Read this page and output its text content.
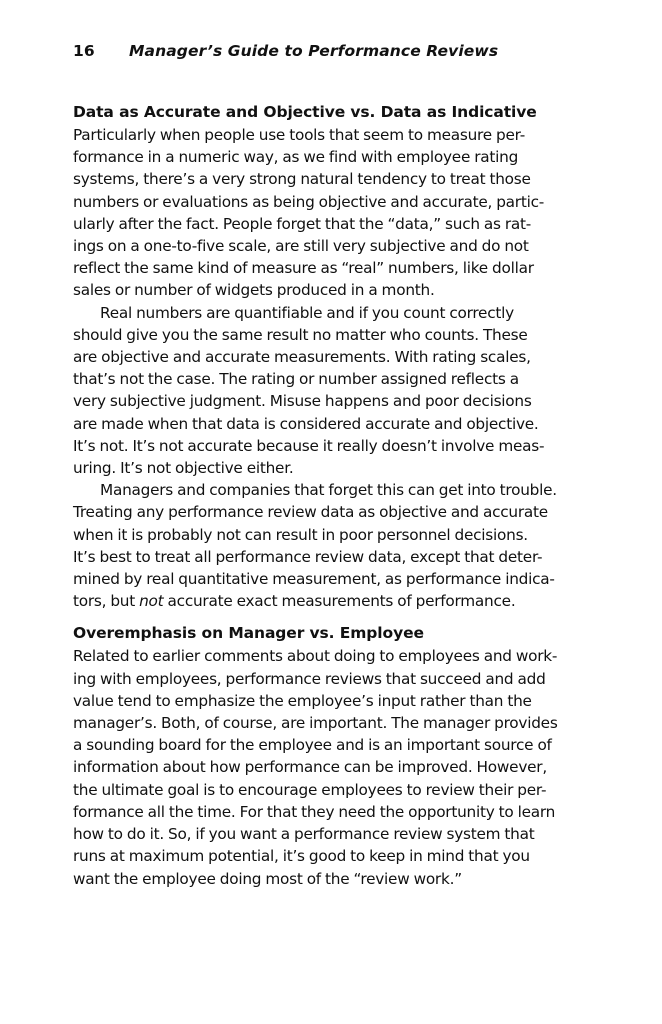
16 Manager’s Guide to Performance Reviews
Data as Accurate and Objective vs. Data as Indicative
Particularly when people use tools that seem to measure per-
formance in a numeric way, as we find with employee rating
systems, there’s a very strong natural tendency to treat those
numbers or evaluations as being objective and accurate, partic-
ularly after the fact. People forget that the “data,” such as rat-
ings on a one-to-five scale, are still very subjective and do not
reflect the same kind of measure as “real” numbers, like dollar
sales or number of widgets produced in a month.
Real numbers are quantifiable and if you count correctly
should give you the same result no matter who counts. These
are objective and accurate measurements. With rating scales,
that’s not the case. The rating or number assigned reflects a
very subjective judgment. Misuse happens and poor decisions
are made when that data is considered accurate and objective.
It’s not. It’s not accurate because it really doesn’t involve meas-
uring. It’s not objective either.
Managers and companies that forget this can get into trouble.
Treating any performance review data as objective and accurate
when it is probably not can result in poor personnel decisions.
It’s best to treat all performance review data, except that deter-
mined by real quantitative measurement, as performance indica-
tors, but not accurate exact measurements of performance.
Overemphasis on Manager vs. Employee
Related to earlier comments about doing to employees and work-
ing with employees, performance reviews that succeed and add
value tend to emphasize the employee’s input rather than the
manager’s. Both, of course, are important. The manager provides
a sounding board for the employee and is an important source of
information about how performance can be improved. However,
the ultimate goal is to encourage employees to review their per-
formance all the time. For that they need the opportunity to learn
how to do it. So, if you want a performance review system that
runs at maximum potential, it’s good to keep in mind that you
want the employee doing most of the “review work.”
